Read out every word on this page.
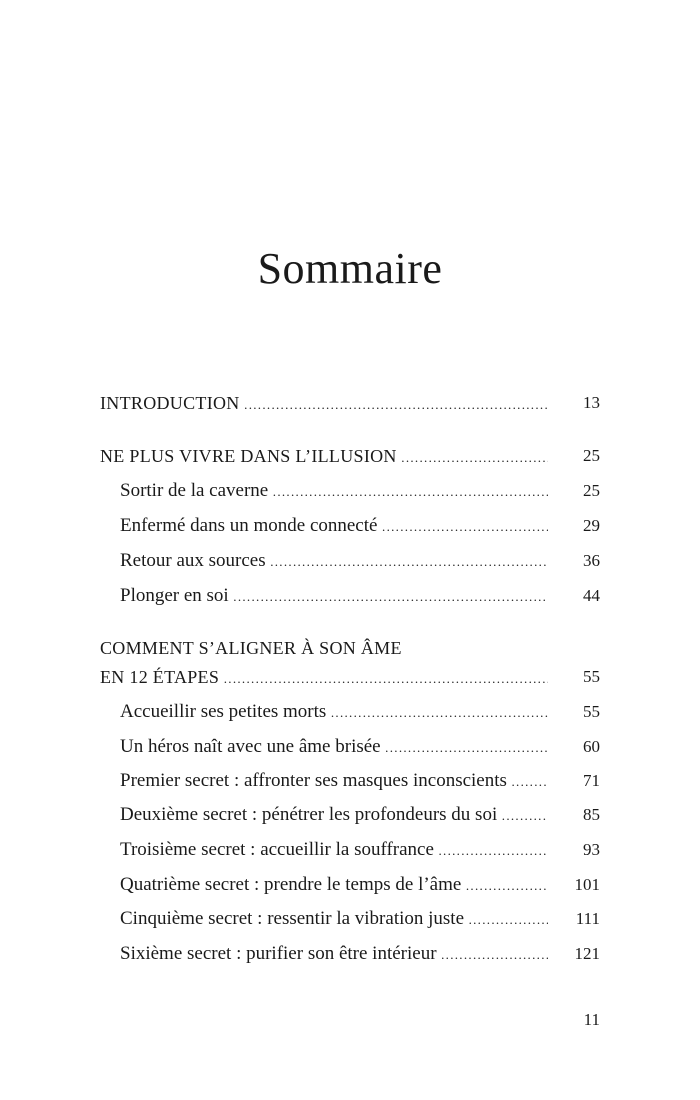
Sommaire
INTRODUCTION .....	13
NE PLUS VIVRE DANS L’ILLUSION .....	25
Sortir de la caverne .....	25
Enfermé dans un monde connecté .....	29
Retour aux sources .....	36
Plonger en soi .....	44
COMMENT S’ALIGNER À SON ÂME
EN 12 ÉTAPES .....	55
Accueillir ses petites morts .....	55
Un héros naît avec une âme brisée .....	60
Premier secret : affronter ses masques inconscients .....	71
Deuxième secret : pénétrer les profondeurs du soi .....	85
Troisième secret : accueillir la souffrance .....	93
Quatrième secret : prendre le temps de l’âme .....	101
Cinquième secret : ressentir la vibration juste .....	111
Sixième secret : purifier son être intérieur .....	121
11
